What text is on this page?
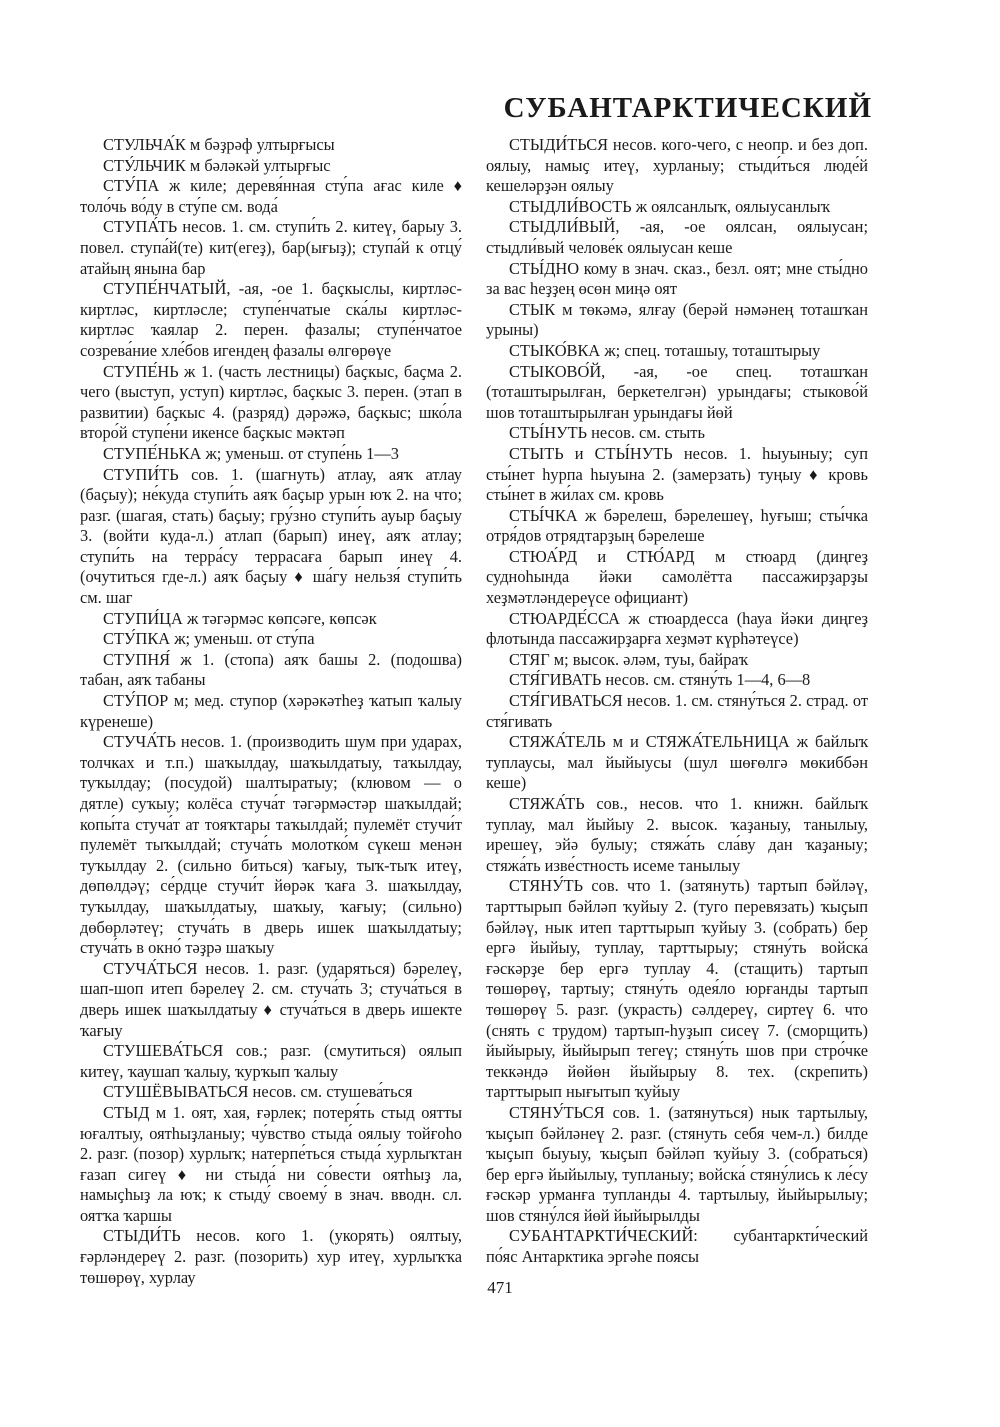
СУБАНТАРКТИЧЕСКИЙ

СТУЛЬЧА́К м бәҙрәф ултырғысы

СТУ́ЛЬЧИК м бәләкәй ултырғыс

СТУ́ПА ж киле; деревя́нная сту́па ағас киле ♦ толо́чь во́ду в сту́пе см. вода́

СТУПА́ТЬ несов. 1. см. ступи́ть 2. китеү, барыу 3. повел. ступа́й(те) кит(егеҙ), бар(ығыҙ); ступа́й к отцу́ атайың янына бар

СТУПЕ́НЧАТЫЙ, -ая, -ое 1. баҫкыслы, киртләс-киртләс, киртләсле; ступе́нчатые ска́лы киртләс-киртләс ҡаялар 2. перен. фазалы; ступе́нчатое созрева́ние хле́бов игендең фазалы өлгөрөүе

СТУПЕ́НЬ ж 1. (часть лестницы) баҫкыс, баҫма 2. чего (выступ, уступ) киртләс, баҫкыс 3. перен. (этап в развитии) баҫкыс 4. (разряд) дәрәжә, баҫкыс; шко́ла второ́й ступе́ни икенсе баҫкыс мәктәп

СТУПЕ́НЬКА ж; уменьш. от ступе́нь 1—3

СТУПИ́ТЬ сов. 1. (шагнуть) атлау, аяҡ атлау (баҫыу); не́куда ступи́ть аяҡ баҫыр урын юҡ 2. на что; разг. (шагая, стать) баҫыу; гру́зно ступи́ть ауыр баҫыу 3. (войти куда-л.) атлап (барып) инеү, аяҡ атлау; ступи́ть на терра́су террасаға барып инеү 4. (очутиться где-л.) аяҡ баҫыу ♦ ша́гу нельзя́ ступи́ть см. шаг

СТУПИ́ЦА ж тәгәрмәс көпсәге, көпсәк

СТУ́ПКА ж; уменьш. от сту́па

СТУПНЯ́ ж 1. (стопа) аяҡ башы 2. (подошва) табан, аяҡ табаны

СТУ́ПОР м; мед. ступор (хәрәкәтһеҙ ҡатып ҡалыу күренеше)

СТУЧА́ТЬ несов. 1. (производить шум при ударах, толчках и т.п.) шаҡылдау, шаҡылдатыу, таҡылдау, туҡылдау; (посудой) шалтыратыу; (клювом — о дятле) суҡыу; колёса стуча́т тәгәрмәстәр шаҡылдай; копы́та стуча́т ат тояҡтары таҡылдай; пулемёт стучи́т пулемёт тыҡылдай; стуча́ть молотко́м сүкеш менән туҡылдау 2. (сильно биться) ҡағыу, тыҡ-тыҡ итеү, дөпөлдәү; се́рдце стучи́т йөрәк ҡаға 3. шаҡылдау, туҡылдау, шаҡылдатыу, шаҡыу, ҡағыу; (сильно) дөбөрләтеү; стуча́ть в дверь ишек шаҡылдатыу; стуча́ть в окно́ тәҙрә шаҡыу

СТУЧА́ТЬСЯ несов. 1. разг. (ударяться) бәрелеү, шап-шоп итеп бәрелеү 2. см. стуча́ть 3; стуча́ться в дверь ишек шаҡылдатыу ♦ стуча́ться в дверь ишекте ҡағыу

СТУШЕВА́ТЬСЯ сов.; разг. (смутиться) оялып китеү, ҡаушап ҡалыу, ҡурҡып ҡалыу

СТУШЁВЫВАТЬСЯ несов. см. стушева́ться

СТЫД м 1. оят, хая, ғәрлек; потеря́ть стыд оятты юғалтыу, оятһыҙланыу; чу́вство стыда́ оялыу тойғоһо 2. разг. (позор) хурлыҡ; натерпе́ться стыда́ хурлыҡтан ғазап сигеү ♦ ни стыда́ ни со́вести оятһыҙ ла, намыҫһыҙ ла юҡ; к стыду́ своему́ в знач. вводн. сл. оятҡа ҡаршы

СТЫДИ́ТЬ несов. кого 1. (укорять) оялтыу, ғәрләндереү 2. разг. (позорить) хур итеү, хурлыҡҡа төшөрөү, хурлау

СТЫДИ́ТЬСЯ несов. кого-чего, с неопр. и без доп. оялыу, намыҫ итеү, хурланыу; стыди́ться люде́й кешеләрҙән оялыу

СТЫДЛИ́ВОСТЬ ж оялсанлыҡ, оялыусанлыҡ

СТЫДЛИ́ВЫЙ, -ая, -ое оялсан, оялыусан; стыдли́вый челове́к оялыусан кеше

СТЫ́ДНО кому в знач. сказ., безл. оят; мне сты́дно за вас һеҙҙең өсөн миңә оят

СТЫК м төкәмә, ялғау (берәй нәмәнең тоташҡан урыны)

СТЫКО́ВКА ж; спец. тоташыу, тоташтырыу

СТЫКОВО́Й, -ая, -ое спец. тоташҡан (тоташтырылған, беркетелгән) урындағы; стыково́й шов тоташтырылған урындағы йөй

СТЫ́НУТЬ несов. см. стыть

СТЫТЬ и СТЫ́НУТЬ несов. 1. һыуыныу; суп сты́нет һурпа һыуына 2. (замерзать) туңыу ♦ кровь сты́нет в жи́лах см. кровь

СТЫ́ЧКА ж бәрелеш, бәрелешеү, һуғыш; сты́чка отря́дов отрядтарҙың бәрелеше

СТЮА́РД и СТЮ́АРД м стюард (диңгеҙ судноһында йәки самолётта пассажирҙарҙы хеҙмәтләндереүсе официант)

СТЮАРДЕ́ССА ж стюардесса (һауа йәки диңгеҙ флотында пассажирҙарға хеҙмәт күрһәтеүсе)

СТЯГ м; высок. әләм, туы, байраҡ

СТЯ́ГИВАТЬ несов. см. стяну́ть 1—4, 6—8

СТЯ́ГИВАТЬСЯ несов. 1. см. стяну́ться 2. страд. от стя́гивать

СТЯЖА́ТЕЛЬ м и СТЯЖА́ТЕЛЬНИЦА ж байлыҡ туплаусы, мал йыйыусы (шул шөғөлгә мөкиббән кеше)

СТЯЖА́ТЬ сов., несов. что 1. книжн. байлыҡ туплау, мал йыйыу 2. высок. ҡаҙаныу, танылыу, ирешеү, эйә булыу; стяжа́ть сла́ву дан ҡаҙаныу; стяжа́ть изве́стность исеме танылыу

СТЯНУ́ТЬ сов. что 1. (затянуть) тартып бәйләү, тарттырып бәйләп ҡуйыу 2. (туго перевязать) ҡыҫып бәйләү, нык итеп тарттырып ҡуйыу 3. (собрать) бер ергә йыйыу, туплау, тарттырыу; стяну́ть войска́ ғәскәрҙе бер ергә туплау 4. (стащить) тартып төшөрөү, тартыу; стяну́ть одея́ло юрғанды тартып төшөрөү 5. разг. (украсть) сәлдереү, сиртеү 6. что (снять с трудом) тартып-һуҙып сисеү 7. (сморщить) йыйырыу, йыйырып тегеү; стяну́ть шов при стро́чке теккәндә йөйөн йыйырыу 8. тех. (скрепить) тарттырып нығытып ҡуйыу

СТЯНУ́ТЬСЯ сов. 1. (затянуться) нык тартылыу, ҡыҫып бәйләнеү 2. разг. (стянуть себя чем-л.) билде ҡыҫып быуыу, ҡыҫып бәйләп ҡуйыу 3. (собраться) бер ергә йыйылыу, тупланыу; войска́ стяну́лись к ле́су ғәскәр урманға тупланды 4. тартылыу, йыйырылыу; шов стяну́лся йөй йыйырылды

СУБАНТАРКТИ́ЧЕСКИЙ: субантаркти́ческий по́яс Антарктика эргәһе поясы

471
